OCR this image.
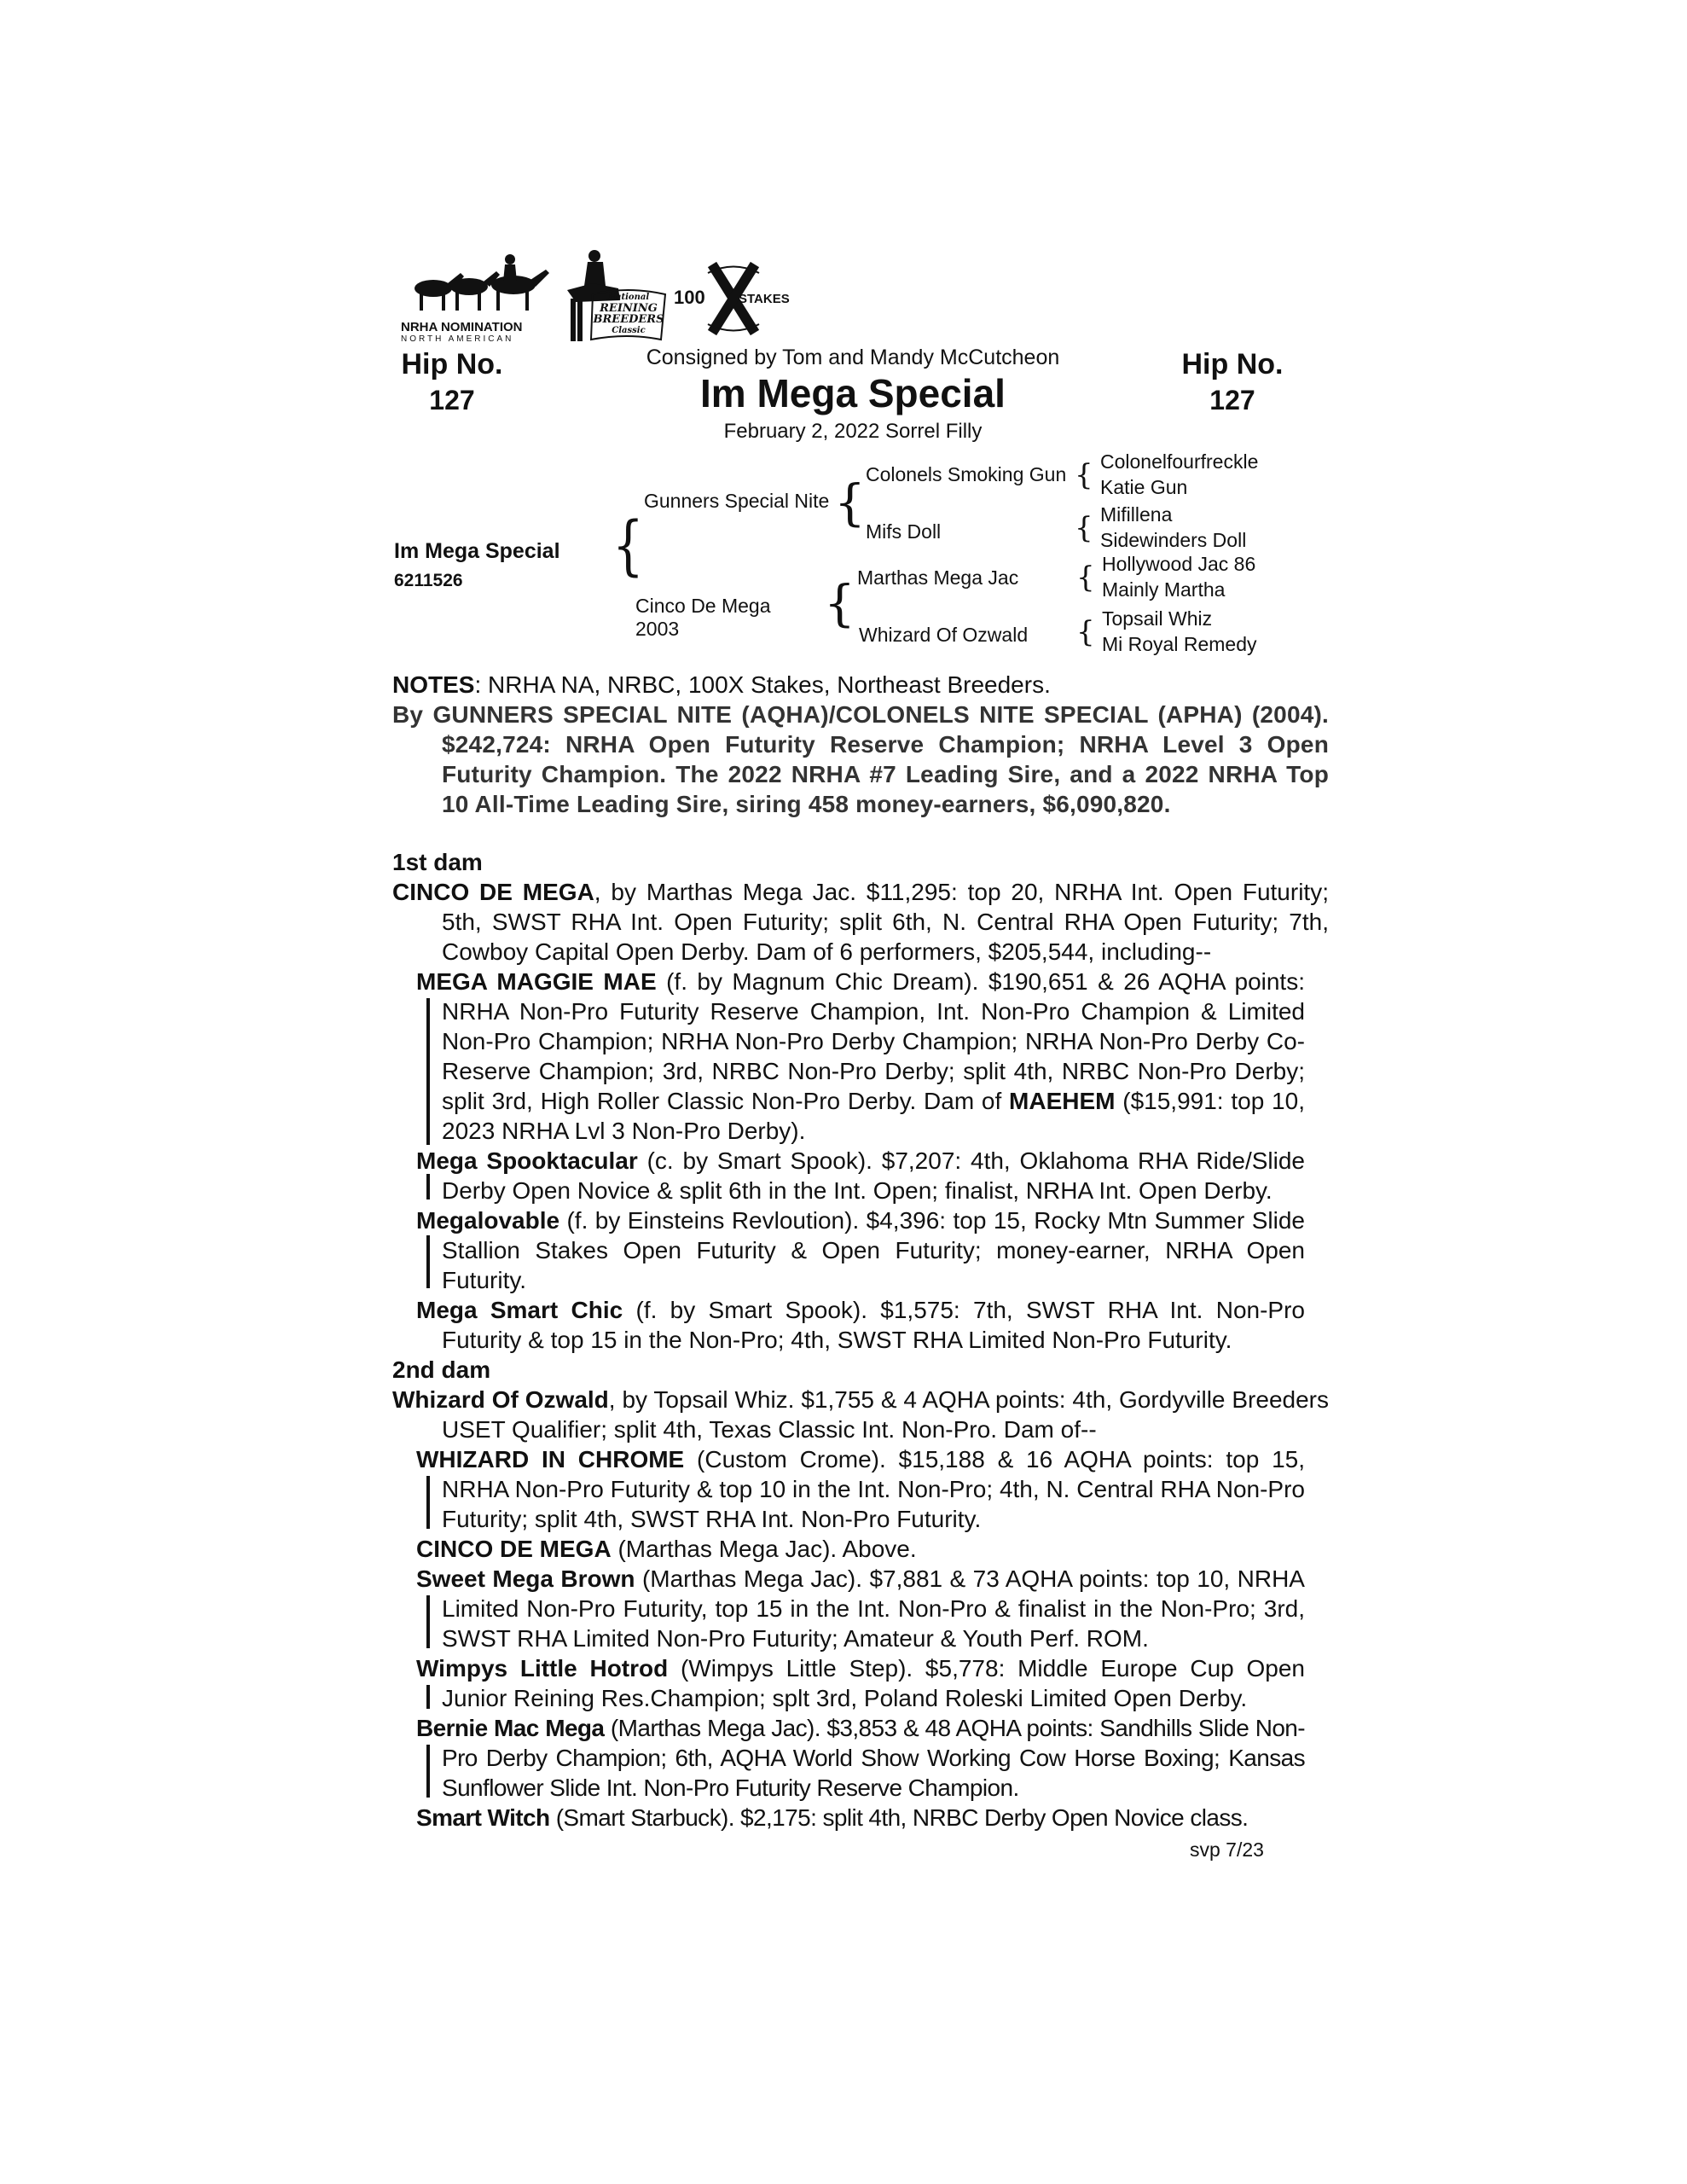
NRHA NOMINATION
NORTH AMERICAN
National
REINING
BREEDERS
Classic
100	STAKES
Hip No.
127
Hip No.
127
Consigned by Tom and Mandy McCutcheon
Im Mega Special
February 2, 2022 Sorrel Filly
Im Mega Special
6211526	{
Gunners Special Nite
Cinco De Mega
2003
{
{
Colonels Smoking Gun
Mifs Doll
Marthas Mega Jac
Whizard Of Ozwald
{
{
{
{
Colonelfourfreckle
Katie Gun
Mifillena
Sidewinders Doll
Hollywood Jac 86
Mainly Martha
Topsail Whiz
Mi Royal Remedy
NOTES: NRHA NA, NRBC, 100X Stakes, Northeast Breeders.
By GUNNERS SPECIAL NITE (AQHA)/COLONELS NITE SPECIAL (APHA) (2004). $242,724: NRHA Open Futurity Reserve Champion; NRHA Level 3 Open Futurity Champion. The 2022 NRHA #7 Leading Sire, and a 2022 NRHA Top 10 All-Time Leading Sire, siring 458 money-earners, $6,090,820.
1st dam
CINCO DE MEGA, by Marthas Mega Jac. $11,295: top 20, NRHA Int. Open Futurity; 5th, SWST RHA Int. Open Futurity; split 6th, N. Central RHA Open Futurity; 7th, Cowboy Capital Open Derby. Dam of 6 performers, $205,544, including--
MEGA MAGGIE MAE (f. by Magnum Chic Dream). $190,651 & 26 AQHA points: NRHA Non-Pro Futurity Reserve Champion, Int. Non-Pro Champion & Limited Non-Pro Champion; NRHA Non-Pro Derby Champion; NRHA Non-Pro Derby Co-Reserve Champion; 3rd, NRBC Non-Pro Derby; split 4th, NRBC Non-Pro Derby; split 3rd, High Roller Classic Non-Pro Derby. Dam of MAEHEM ($15,991: top 10, 2023 NRHA Lvl 3 Non-Pro Derby).
Mega Spooktacular (c. by Smart Spook). $7,207: 4th, Oklahoma RHA Ride/Slide Derby Open Novice & split 6th in the Int. Open; finalist, NRHA Int. Open Derby.
Megalovable (f. by Einsteins Revloution). $4,396: top 15, Rocky Mtn Summer Slide Stallion Stakes Open Futurity & Open Futurity; money-earner, NRHA Open Futurity.
Mega Smart Chic (f. by Smart Spook). $1,575: 7th, SWST RHA Int. Non-Pro Futurity & top 15 in the Non-Pro; 4th, SWST RHA Limited Non-Pro Futurity.
2nd dam
Whizard Of Ozwald, by Topsail Whiz. $1,755 & 4 AQHA points: 4th, Gordyville Breeders USET Qualifier; split 4th, Texas Classic Int. Non-Pro. Dam of--
WHIZARD IN CHROME (Custom Crome). $15,188 & 16 AQHA points: top 15, NRHA Non-Pro Futurity & top 10 in the Int. Non-Pro; 4th, N. Central RHA Non-Pro Futurity; split 4th, SWST RHA Int. Non-Pro Futurity.
CINCO DE MEGA (Marthas Mega Jac). Above.
Sweet Mega Brown (Marthas Mega Jac). $7,881 & 73 AQHA points: top 10, NRHA Limited Non-Pro Futurity, top 15 in the Int. Non-Pro & finalist in the Non-Pro; 3rd, SWST RHA Limited Non-Pro Futurity; Amateur & Youth Perf. ROM.
Wimpys Little Hotrod (Wimpys Little Step). $5,778: Middle Europe Cup Open Junior Reining Res.Champion; splt 3rd, Poland Roleski Limited Open Derby.
Bernie Mac Mega (Marthas Mega Jac). $3,853 & 48 AQHA points: Sandhills Slide Non-Pro Derby Champion; 6th, AQHA World Show Working Cow Horse Boxing; Kansas Sunflower Slide Int. Non-Pro Futurity Reserve Champion.
Smart Witch (Smart Starbuck). $2,175: split 4th, NRBC Derby Open Novice class.
svp 7/23
